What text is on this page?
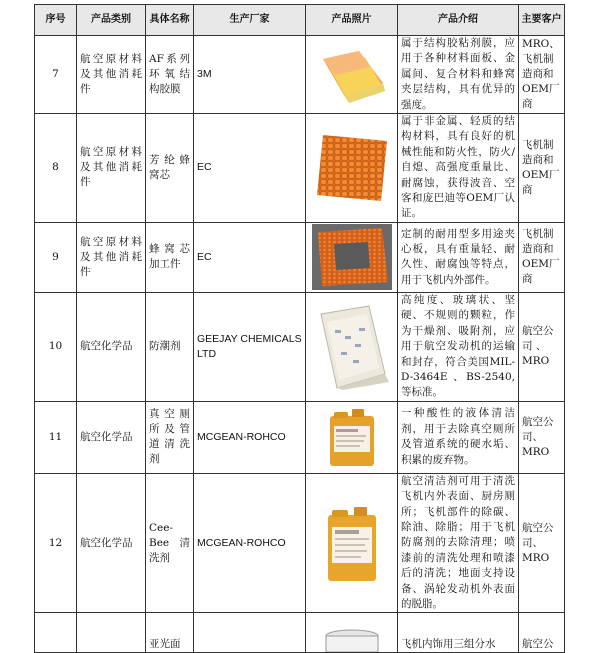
序号	产品类别	具体名称	生产厂家	产品照片	产品介绍	主要客户
7	航空原材料及其他消耗件	AF系列环氧结构胶膜	3M		属于结构胶粘剂膜，应用于各种材料面板、金属间、复合材料和蜂窝夹层结构，具有优异的强度。	MRO、飞机制造商和OEM厂商
8	航空原材料及其他消耗件	芳纶蜂窝芯	EC		属于非金属、轻质的结构材料，具有良好的机械性能和防火性，防火/自熄、高强度重量比、耐腐蚀，获得波音、空客和庞巴迪等OEM厂认证。	飞机制造商和OEM厂商
9	航空原材料及其他消耗件	蜂窝芯加工件	EC		定制的耐用型多用途夹心板，具有重量轻、耐久性、耐腐蚀等特点，用于飞机内外部件。	飞机制造商和OEM厂商
10	航空化学品	防潮剂	GEEJAY CHEMICALS LTD		高纯度、玻璃状、坚硬、不规则的颗粒，作为干燥剂、吸附剂，应用于航空发动机的运输和封存，符合美国MIL-D-3464E 、BS-2540,等标准。	航空公司 、MRO
11	航空化学品	真空厕所及管道清洗剂	MCGEAN-ROHCO		一种酸性的液体清洁剂，用于去除真空厕所及管道系统的硬水垢、积累的废弃物。	航空公司、MRO
12	航空化学品	Cee-Bee清洗剂	MCGEAN-ROHCO		航空清洁剂可用于清洗飞机内外表面、厨房厕所；飞机部件的除碳、除油、除脂；用于飞机防腐剂的去除清理；喷漆前的清洗处理和喷漆后的清洗；地面支持设备、涡轮发动机外表面的脱脂。	航空公司、MRO
		亚光面			飞机内饰用三组分水	航空公
